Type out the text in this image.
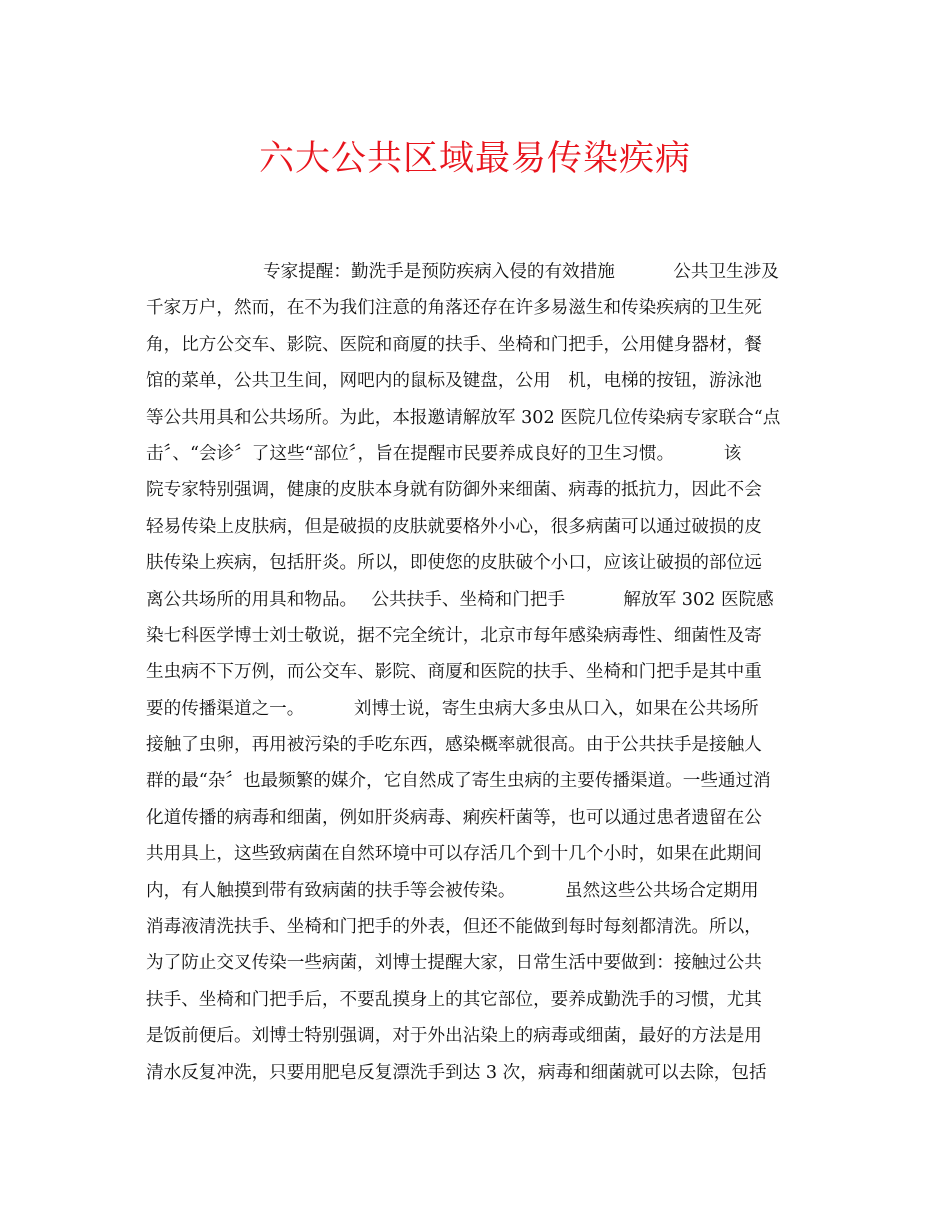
六大公共区域最易传染疾病
专家提醒：勤洗手是预防疾病入侵的有效措施　　　 公共卫生涉及
千家万户，然而，在不为我们注意的角落还存在许多易滋生和传染疾病的卫生死
角，比方公交车、影院、医院和商厦的扶手、坐椅和门把手，公用健身器材，餐
馆的菜单，公共卫生间，网吧内的鼠标及键盘，公用　机，电梯的按钮，游泳池
等公共用具和公共场所。为此，本报邀请解放军 302 医院几位传染病专家联合“点
击〞、“会诊〞了这些“部位〞，旨在提醒市民要养成良好的卫生习惯。　　　 该
院专家特别强调，健康的皮肤本身就有防御外来细菌、病毒的抵抗力，因此不会
轻易传染上皮肤病，但是破损的皮肤就要格外小心，很多病菌可以通过破损的皮
肤传染上疾病，包括肝炎。所以，即使您的皮肤破个小口，应该让破损的部位远
离公共场所的用具和物品。　 公共扶手、坐椅和门把手　　　 解放军 302 医院感
染七科医学博士刘士敬说，据不完全统计，北京市每年感染病毒性、细菌性及寄
生虫病不下万例，而公交车、影院、商厦和医院的扶手、坐椅和门把手是其中重
要的传播渠道之一。　　　 刘博士说，寄生虫病大多虫从口入，如果在公共场所
接触了虫卵，再用被污染的手吃东西，感染概率就很高。由于公共扶手是接触人
群的最“杂〞也最频繁的媒介，它自然成了寄生虫病的主要传播渠道。一些通过消
化道传播的病毒和细菌，例如肝炎病毒、痢疾杆菌等，也可以通过患者遗留在公
共用具上，这些致病菌在自然环境中可以存活几个到十几个小时，如果在此期间
内，有人触摸到带有致病菌的扶手等会被传染。　　　 虽然这些公共场合定期用
消毒液清洗扶手、坐椅和门把手的外表，但还不能做到每时每刻都清洗。所以，
为了防止交叉传染一些病菌，刘博士提醒大家，日常生活中要做到：接触过公共
扶手、坐椅和门把手后，不要乱摸身上的其它部位，要养成勤洗手的习惯，尤其
是饭前便后。刘博士特别强调，对于外出沾染上的病毒或细菌，最好的方法是用
清水反复冲洗，只要用肥皂反复漂洗手到达 3 次，病毒和细菌就可以去除，包括
